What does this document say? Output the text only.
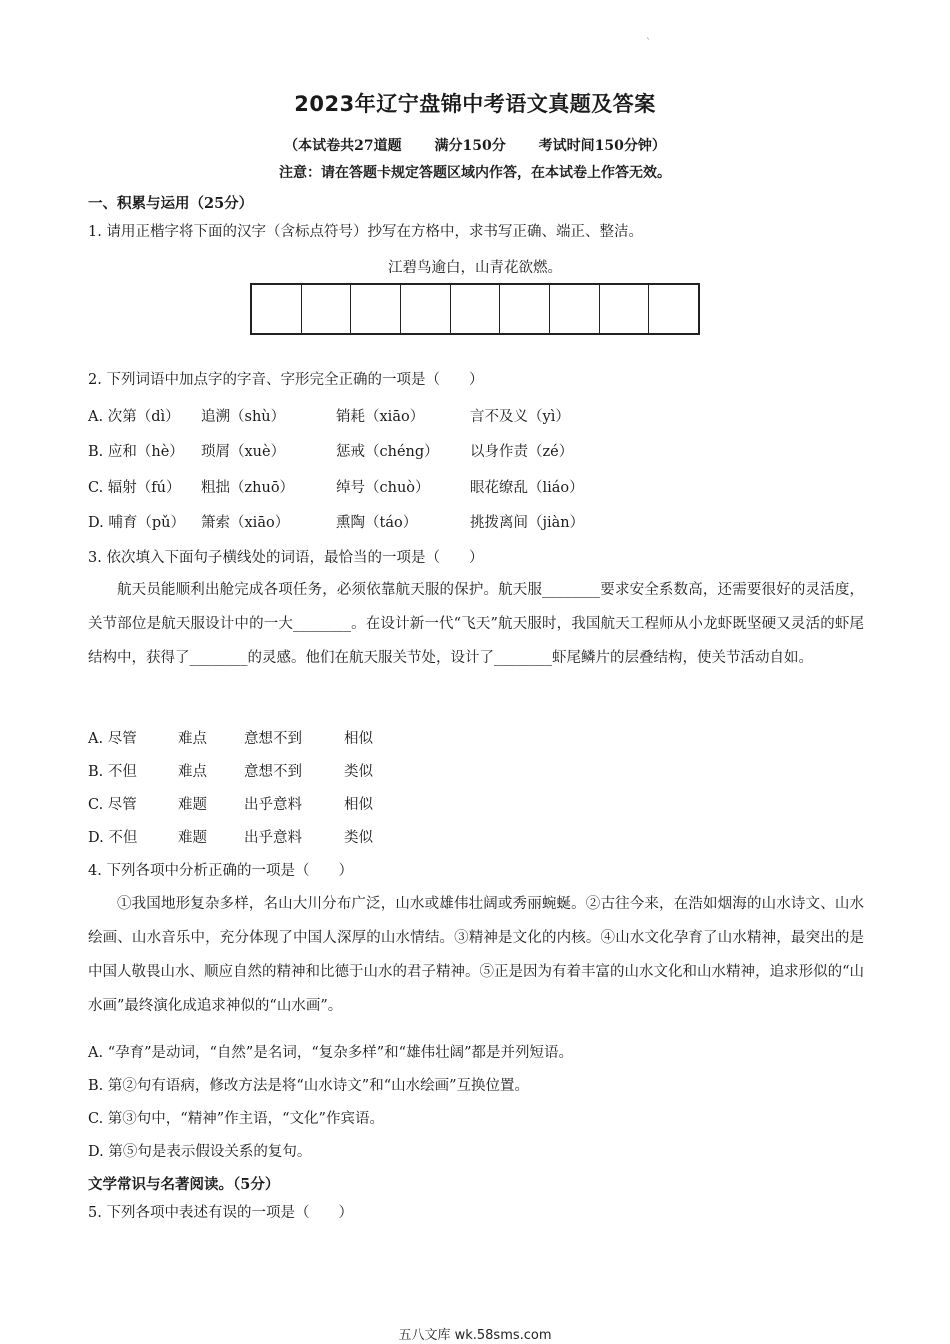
`
2023年辽宁盘锦中考语文真题及答案
（本试卷共27道题 满分150分 考试时间150分钟）
注意：请在答题卡规定答题区域内作答，在本试卷上作答无效。
一、积累与运用（25分）
1. 请用正楷字将下面的汉字（含标点符号）抄写在方格中，求书写正确、端正、整洁。
江碧鸟逾白，山青花欲燃。
2. 下列词语中加点字的字音、字形完全正确的一项是（　　）
A. 次第（dì） 追溯（shù）	销耗（xiāo）	言不及义（yì）
B. 应和（hè） 琐屑（xuè）	惩戒（chéng） 以身作责（zé）
C. 辐射（fú） 粗拙（zhuō）	绰号（chuò）	眼花缭乱（liáo）
D. 哺育（pǔ） 箫索（xiāo）	熏陶（táo）	挑拨离间（jiàn）
3. 依次填入下面句子横线处的词语，最恰当的一项是（　　）

航天员能顺利出舱完成各项任务，必须依靠航天服的保护。航天服________要求安全系数高，还需要很好的灵活度，关节部位是航天服设计中的一大________。在设计新一代“飞天”航天服时，我国航天工程师从小龙虾既坚硬又灵活的虾尾结构中，获得了________的灵感。他们在航天服关节处，设计了________虾尾鳞片的层叠结构，使关节活动自如。

A. 尽管	难点	意想不到	相似
B. 不但	难点	意想不到	类似
C. 尽管	难题	出乎意料	相似
D. 不但	难题	出乎意料	类似
4. 下列各项中分析正确的一项是（　　）

①我国地形复杂多样，名山大川分布广泛，山水或雄伟壮阔或秀丽蜿蜒。②古往今来，在浩如烟海的山水诗文、山水绘画、山水音乐中，充分体现了中国人深厚的山水情结。③精神是文化的内核。④山水文化孕育了山水精神，最突出的是中国人敬畏山水、顺应自然的精神和比德于山水的君子精神。⑤正是因为有着丰富的山水文化和山水精神，追求形似的“山水画”最终演化成追求神似的“山水画”。

A. “孕育”是动词，“自然”是名词，“复杂多样”和“雄伟壮阔”都是并列短语。
B. 第②句有语病，修改方法是将“山水诗文”和“山水绘画”互换位置。
C. 第③句中，“精神”作主语，“文化”作宾语。
D. 第⑤句是表示假设关系的复句。
文学常识与名著阅读。（5分）
5. 下列各项中表述有误的一项是（　　）
五八文库 wk.58sms.com
